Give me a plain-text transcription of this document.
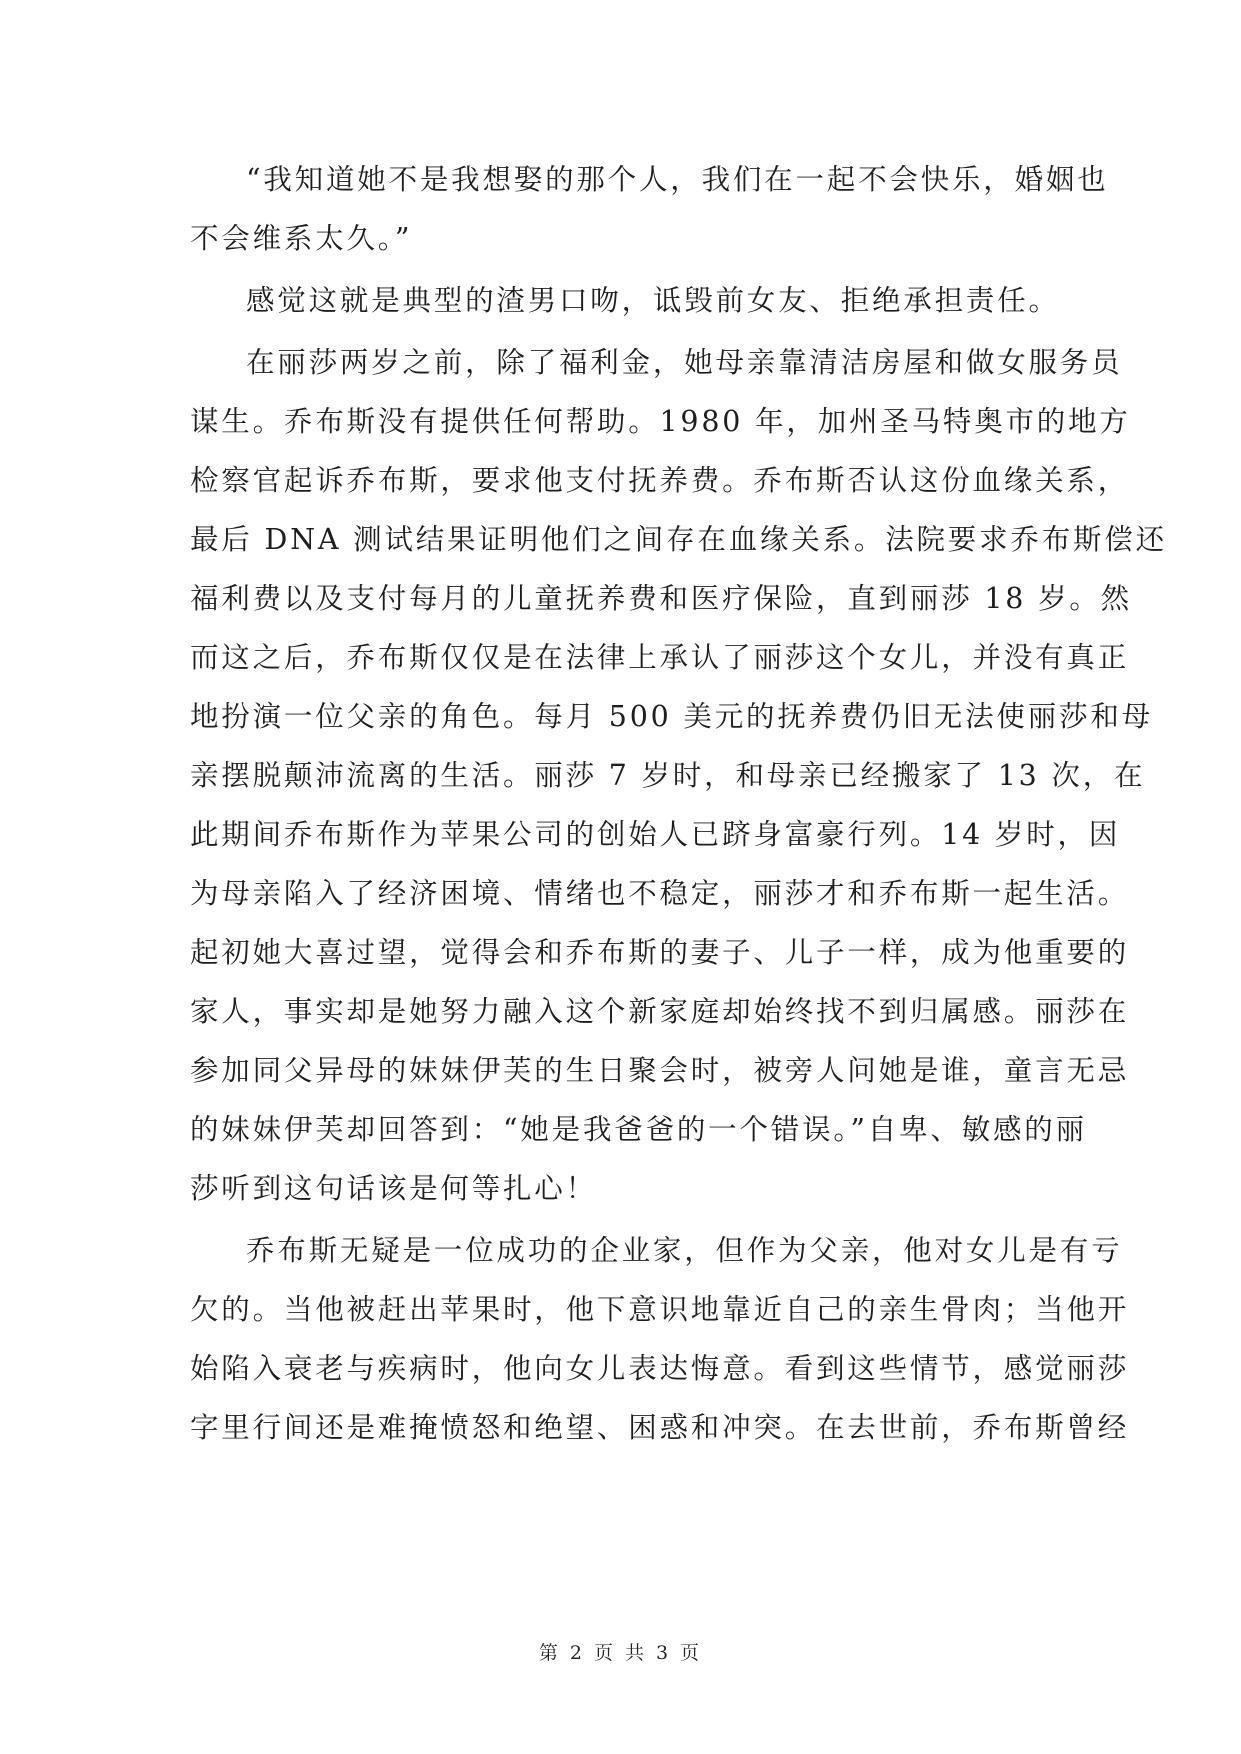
“我知道她不是我想娶的那个人，我们在一起不会快乐，婚姻也
不会维系太久。”
感觉这就是典型的渣男口吻，诋毁前女友、拒绝承担责任。
在丽莎两岁之前，除了福利金，她母亲靠清洁房屋和做女服务员
谋生。乔布斯没有提供任何帮助。1980 年，加州圣马特奥市的地方
检察官起诉乔布斯，要求他支付抚养费。乔布斯否认这份血缘关系，
最后 DNA 测试结果证明他们之间存在血缘关系。法院要求乔布斯偿还
福利费以及支付每月的儿童抚养费和医疗保险，直到丽莎 18 岁。然
而这之后，乔布斯仅仅是在法律上承认了丽莎这个女儿，并没有真正
地扮演一位父亲的角色。每月 500 美元的抚养费仍旧无法使丽莎和母
亲摆脱颠沛流离的生活。丽莎 7 岁时，和母亲已经搬家了 13 次，在
此期间乔布斯作为苹果公司的创始人已跻身富豪行列。14 岁时，因
为母亲陷入了经济困境、情绪也不稳定，丽莎才和乔布斯一起生活。
起初她大喜过望，觉得会和乔布斯的妻子、儿子一样，成为他重要的
家人，事实却是她努力融入这个新家庭却始终找不到归属感。丽莎在
参加同父异母的妹妹伊芙的生日聚会时，被旁人问她是谁，童言无忌
的妹妹伊芙却回答到：“她是我爸爸的一个错误。”自卑、敏感的丽
莎听到这句话该是何等扎心！
乔布斯无疑是一位成功的企业家，但作为父亲，他对女儿是有亏
欠的。当他被赶出苹果时，他下意识地靠近自己的亲生骨肉；当他开
始陷入衰老与疾病时，他向女儿表达悔意。看到这些情节，感觉丽莎
字里行间还是难掩愤怒和绝望、困惑和冲突。在去世前，乔布斯曾经
第 2 页 共 3 页
